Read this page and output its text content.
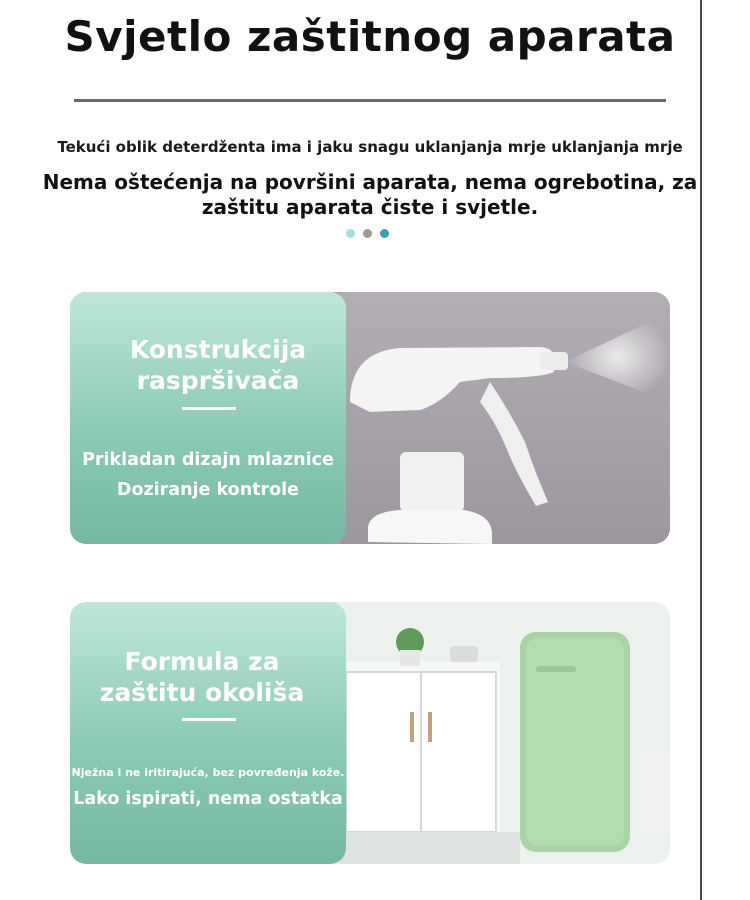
Svjetlo zaštitnog aparata
Tekući oblik deterdženta ima i jaku snagu uklanjanja mrje uklanjanja mrje
Nema oštećenja na površini aparata, nema ogrebotina, za zaštitu aparata čiste i svjetle.
Konstrukcija raspršivača
Prikladan dizajn mlaznice
Doziranje kontrole
Formula za zaštitu okoliša
Nježna i ne iritirajuća, bez povređenja kože.
Lako ispirati, nema ostatka
